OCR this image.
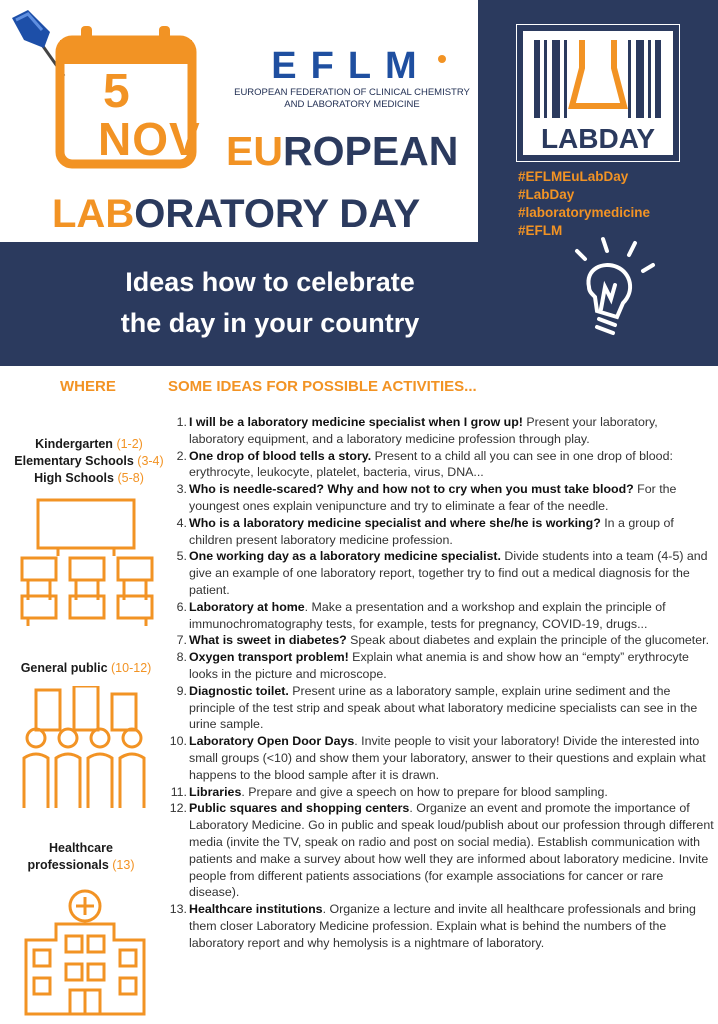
5
NOV
EFLM
EUROPEAN FEDERATION OF CLINICAL CHEMISTRY
AND LABORATORY MEDICINE
EUROPEAN
LABORATORY DAY
LABDAY
#EFLMEuLabDay
#LabDay
#laboratorymedicine
#EFLM
Ideas how to celebrate
the day in your country
WHERE	SOME IDEAS FOR POSSIBLE ACTIVITIES...
Kindergarten (1-2)
Elementary Schools (3-4)
High Schools (5-8)
General public (10-12)
Healthcare
professionals (13)
1. I will be a laboratory medicine specialist when I grow up! Present your laboratory, laboratory equipment, and a laboratory medicine profession through play.
2. One drop of blood tells a story. Present to a child all you can see in one drop of blood: erythrocyte, leukocyte, platelet, bacteria, virus, DNA...
3. Who is needle-scared? Why and how not to cry when you must take blood? For the youngest ones explain venipuncture and try to eliminate a fear of the needle.
4. Who is a laboratory medicine specialist and where she/he is working? In a group of children present laboratory medicine profession.
5. One working day as a laboratory medicine specialist. Divide students into a team (4-5) and give an example of one laboratory report, together try to find out a medical diagnosis for the patient.
6. Laboratory at home. Make a presentation and a workshop and explain the principle of immunochromatography tests, for example, tests for pregnancy, COVID-19, drugs...
7. What is sweet in diabetes? Speak about diabetes and explain the principle of the glucometer.
8. Oxygen transport problem! Explain what anemia is and show how an “empty” erythrocyte looks in the picture and microscope.
9. Diagnostic toilet. Present urine as a laboratory sample, explain urine sediment and the principle of the test strip and speak about what laboratory medicine specialists can see in the urine sample.
10. Laboratory Open Door Days. Invite people to visit your laboratory! Divide the interested into small groups (<10) and show them your laboratory, answer to their questions and explain what happens to the blood sample after it is drawn.
11. Libraries. Prepare and give a speech on how to prepare for blood sampling.
12. Public squares and shopping centers. Organize an event and promote the importance of Laboratory Medicine. Go in public and speak loud/publish about our profession through different media (invite the TV, speak on radio and post on social media). Establish communication with patients and make a survey about how well they are informed about laboratory medicine. Invite people from different patients associations (for example associations for cancer or rare disease).
13. Healthcare institutions. Organize a lecture and invite all healthcare professionals and bring them closer Laboratory Medicine profession. Explain what is behind the numbers of the laboratory report and why hemolysis is a nightmare of laboratory.
